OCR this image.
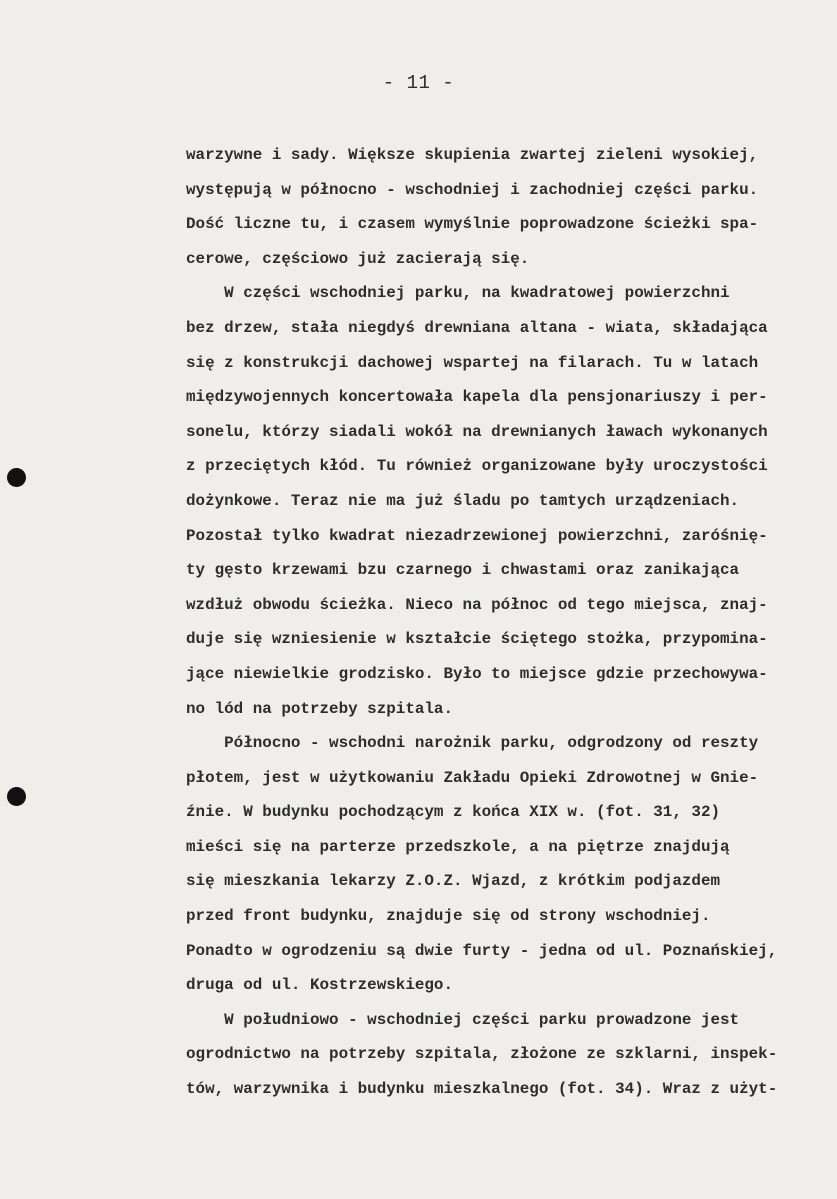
- 11 -
warzywne i sady. Większe skupienia zwartej zieleni wysokiej,
występują w północno - wschodniej i zachodniej części parku.
Dość liczne tu, i czasem wymyślnie poprowadzone ścieżki spa-
cerowe, częściowo już zacierają się.
W części wschodniej parku, na kwadratowej powierzchni
bez drzew, stała niegdyś drewniana altana - wiata, składająca
się z konstrukcji dachowej wspartej na filarach. Tu w latach
międzywojennych koncertowała kapela dla pensjonariuszy i per-
sonelu, którzy siadali wokół na drewnianych ławach wykonanych
z przeciętych kłód. Tu również organizowane były uroczystości
dożynkowe. Teraz nie ma już śladu po tamtych urządzeniach.
Pozostał tylko kwadrat niezadrzewionej powierzchni, zaróśnię-
ty gęsto krzewami bzu czarnego i chwastami oraz zanikająca
wzdłuż obwodu ścieżka. Nieco na północ od tego miejsca, znaj-
duje się wzniesienie w kształcie ściętego stożka, przypomina-
jące niewielkie grodzisko. Było to miejsce gdzie przechowywa-
no lód na potrzeby szpitala.
Północno - wschodni narożnik parku, odgrodzony od reszty
płotem, jest w użytkowaniu Zakładu Opieki Zdrowotnej w Gnie-
źnie. W budynku pochodzącym z końca XIX w. (fot. 31, 32)
mieści się na parterze przedszkole, a na piętrze znajdują
się mieszkania lekarzy Z.O.Z. Wjazd, z krótkim podjazdem
przed front budynku, znajduje się od strony wschodniej.
Ponadto w ogrodzeniu są dwie furty - jedna od ul. Poznańskiej,
druga od ul. Kostrzewskiego.
W południowo - wschodniej części parku prowadzone jest
ogrodnictwo na potrzeby szpitala, złożone ze szklarni, inspek-
tów, warzywnika i budynku mieszkalnego (fot. 34). Wraz z użyt-
